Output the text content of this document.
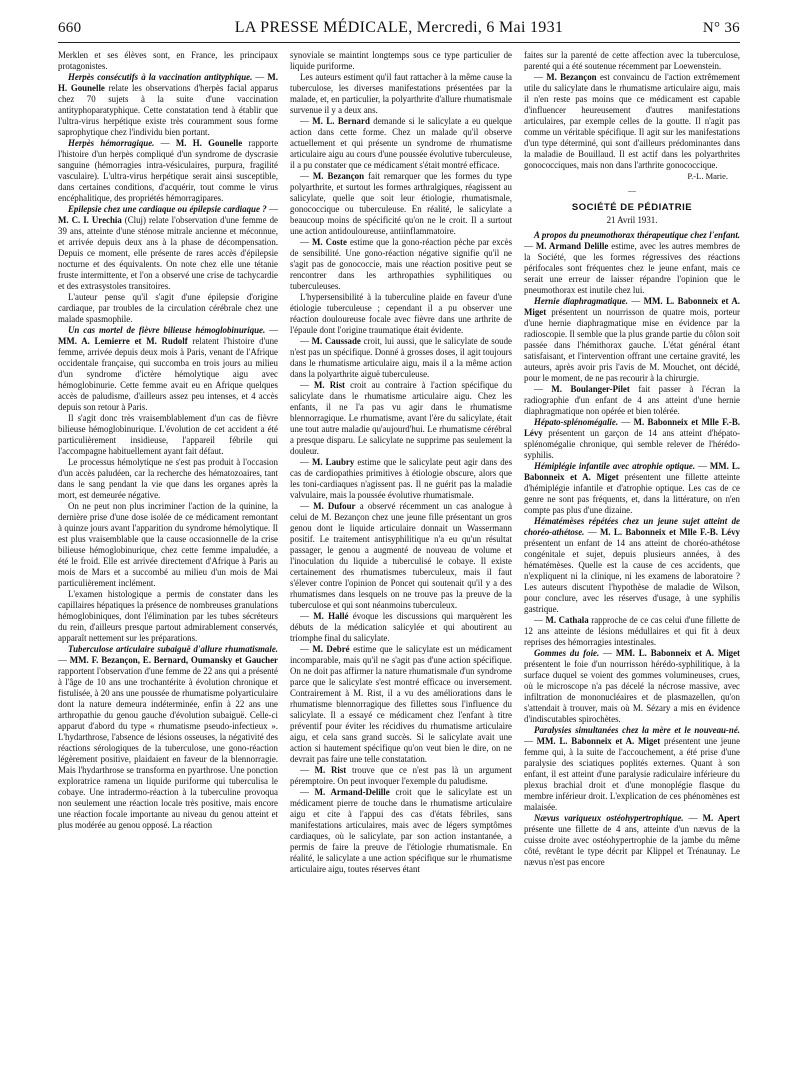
660	LA PRESSE MÉDICALE, Mercredi, 6 Mai 1931	N° 36

Merklen et ses élèves sont, en France, les principaux protagonistes.

Herpès consécutifs à la vaccination antityphique. — M. H. Gounelle relate les observations d'herpès facial apparus chez 70 sujets à la suite d'une vaccination antityphoparatyphique. Cette constatation tend à établir que l'ultra-virus herpétique existe très couramment sous forme saprophytique chez l'individu bien portant.

Herpès hémorragique. — M. H. Gounelle rapporte l'histoire d'un herpès compliqué d'un syndrome de dyscrasie sanguine (hémorragies intra-vésiculaires, purpura, fragilité vasculaire). L'ultra-virus herpétique serait ainsi susceptible, dans certaines conditions, d'acquérir, tout comme le virus encéphalitique, des propriétés hémorragipares.

Epilepsie chez une cardiaque ou épilepsie cardiaque ? — M. C. I. Urechia (Cluj) relate l'observation d'une femme de 39 ans, atteinte d'une sténose mitrale ancienne et méconnue, et arrivée depuis deux ans à la phase de décompensation. Depuis ce moment, elle présente de rares accès d'épilepsie nocturne et des équivalents. On note chez elle une tétanie fruste intermittente, et l'on a observé une crise de tachycardie et des extrasystoles transitoires.

L'auteur pense qu'il s'agit d'une épilepsie d'origine cardiaque, par troubles de la circulation cérébrale chez une malade spasmophile.

Un cas mortel de fièvre bilieuse hémoglobinurique. — MM. A. Lemierre et M. Rudolf relatent l'histoire d'une femme, arrivée depuis deux mois à Paris, venant de l'Afrique occidentale française, qui succomba en trois jours au milieu d'un syndrome d'ictère hémolytique aigu avec hémoglobinurie. Cette femme avait eu en Afrique quelques accès de paludisme, d'ailleurs assez peu intenses, et 4 accès depuis son retour à Paris.

Il s'agit donc très vraisemblablement d'un cas de fièvre bilieuse hémoglobinurique. L'évolution de cet accident a été particulièrement insidieuse, l'appareil fébrile qui l'accompagne habituellement ayant fait défaut.

Le processus hémolytique ne s'est pas produit à l'occasion d'un accès paludéen, car la recherche des hématozoaires, tant dans le sang pendant la vie que dans les organes après la mort, est demeurée négative.

On ne peut non plus incriminer l'action de la quinine, la dernière prise d'une dose isolée de ce médicament remontant à quinze jours avant l'apparition du syndrome hémolytique. Il est plus vraisemblable que la cause occasionnelle de la crise bilieuse hémoglobinurique, chez cette femme impaludée, a été le froid. Elle est arrivée directement d'Afrique à Paris au mois de Mars et a succombé au milieu d'un mois de Mai particulièrement inclément.

L'examen histologique a permis de constater dans les capillaires hépatiques la présence de nombreuses granulations hémoglobiniques, dont l'élimination par les tubes sécréteurs du rein, d'ailleurs presque partout admirablement conservés, apparaît nettement sur les préparations.

Tuberculose articulaire subaiguë d'allure rhumatismale. — MM. F. Bezançon, E. Bernard, Oumansky et Gaucher rapportent l'observation d'une femme de 22 ans qui a présenté à l'âge de 10 ans une trochantérite à évolution chronique et fistulisée, à 20 ans une poussée de rhumatisme polyarticulaire dont la nature demeura indéterminée, enfin à 22 ans une arthropathie du genou gauche d'évolution subaiguë. Celle-ci apparut d'abord du type « rhumatisme pseudo-infectieux ». L'hydarthrose, l'absence de lésions osseuses, la négativité des réactions sérologiques de la tuberculose, une gono-réaction légèrement positive, plaidaient en faveur de la blennorragie. Mais l'hydarthrose se transforma en pyarthrose. Une ponction exploratrice ramena un liquide puriforme qui tuberculisa le cobaye. Une intradermo-réaction à la tuberculine provoqua non seulement une réaction locale très positive, mais encore une réaction focale importante au niveau du genou atteint et plus modérée au genou opposé. La réaction

synoviale se maintint longtemps sous ce type particulier de liquide puriforme.

Les auteurs estiment qu'il faut rattacher à la même cause la tuberculose, les diverses manifestations présentées par la malade, et, en particulier, la polyarthrite d'allure rhumatismale survenue il y a deux ans.

— M. L. Bernard demande si le salicylate a eu quelque action dans cette forme. Chez un malade qu'il observe actuellement et qui présente un syndrome de rhumatisme articulaire aigu au cours d'une poussée évolutive tuberculeuse, il a pu constater que ce médicament s'était montré efficace.

— M. Bezançon fait remarquer que les formes du type polyarthrite, et surtout les formes arthralgiques, réagissent au salicylate, quelle que soit leur étiologie, rhumatismale, gonococcique ou tuberculeuse. En réalité, le salicylate a beaucoup moins de spécificité qu'on ne le croit. Il a surtout une action antidouloureuse, antiinflammatoire.

— M. Coste estime que la gono-réaction pèche par excès de sensibilité. Une gono-réaction négative signifie qu'il ne s'agit pas de gonococcie, mais une réaction positive peut se rencontrer dans les arthropathies syphilitiques ou tuberculeuses.

L'hypersensibilité à la tuberculine plaide en faveur d'une étiologie tuberculeuse ; cependant il a pu observer une réaction douloureuse focale avec fièvre dans une arthrite de l'épaule dont l'origine traumatique était évidente.

— M. Caussade croit, lui aussi, que le salicylate de soude n'est pas un spécifique. Donné à grosses doses, il agit toujours dans le rhumatisme articulaire aigu, mais il a la même action dans la polyarthrite aiguë tuberculeuse.

— M. Rist croit au contraire à l'action spécifique du salicylate dans le rhumatisme articulaire aigu. Chez les enfants, il ne l'a pas vu agir dans le rhumatisme blennorragique. Le rhumatisme, avant l'ère du salicylate, était une tout autre maladie qu'aujourd'hui. Le rhumatisme cérébral a presque disparu. Le salicylate ne supprime pas seulement la douleur.

— M. Laubry estime que le salicylate peut agir dans des cas de cardiopathies primitives à étiologie obscure, alors que les toni-cardiaques n'agissent pas. Il ne guérit pas la maladie valvulaire, mais la poussée évolutive rhumatismale.

— M. Dufour a observé récemment un cas analogue à celui de M. Bezançon chez une jeune fille présentant un gros genou dont le liquide articulaire donnait un Wassermann positif. Le traitement antisyphilitique n'a eu qu'un résultat passager, le genou a augmenté de nouveau de volume et l'inoculation du liquide a tuberculisé le cobaye. Il existe certainement des rhumatismes tuberculeux, mais il faut s'élever contre l'opinion de Poncet qui soutenait qu'il y a des rhumatismes dans lesquels on ne trouve pas la preuve de la tuberculose et qui sont néanmoins tuberculeux.

— M. Hallé évoque les discussions qui marquèrent les débuts de la médication salicylée et qui aboutirent au triomphe final du salicylate.

— M. Debré estime que le salicylate est un médicament incomparable, mais qu'il ne s'agit pas d'une action spécifique. On ne doit pas affirmer la nature rhumatismale d'un syndrome parce que le salicylate s'est montré efficace ou inversement. Contrairement à M. Rist, il a vu des améliorations dans le rhumatisme blennorragique des fillettes sous l'influence du salicylate. Il a essayé ce médicament chez l'enfant à titre préventif pour éviter les récidives du rhumatisme articulaire aigu, et cela sans grand succès. Si le salicylate avait une action si hautement spécifique qu'on veut bien le dire, on ne devrait pas faire une telle constatation.

— M. Rist trouve que ce n'est pas là un argument péremptoire. On peut invoquer l'exemple du paludisme.

— M. Armand-Delille croit que le salicylate est un médicament pierre de touche dans le rhumatisme articulaire aigu et cite à l'appui des cas d'états fébriles, sans manifestations articulaires, mais avec de légers symptômes cardiaques, où le salicylate, par son action instantanée, a permis de faire la preuve de l'étiologie rhumatismale. En réalité, le salicylate a une action spécifique sur le rhumatisme articulaire aigu, toutes réserves étant

faites sur la parenté de cette affection avec la tuberculose, parenté qui a été soutenue récemment par Loewenstein.

— M. Bezançon est convaincu de l'action extrêmement utile du salicylate dans le rhumatisme articulaire aigu, mais il n'en reste pas moins que ce médicament est capable d'influencer heureusement d'autres manifestations articulaires, par exemple celles de la goutte. Il n'agit pas comme un véritable spécifique. Il agit sur les manifestations d'un type déterminé, qui sont d'ailleurs prédominantes dans la maladie de Bouillaud. Il est actif dans les polyarthrites gonococciques, mais non dans l'arthrite gonococcique.

P.-L. Marie.
—
SOCIÉTÉ DE PÉDIATRIE
21 Avril 1931.

A propos du pneumothorax thérapeutique chez l'enfant. — M. Armand Delille estime, avec les autres membres de la Société, que les formes régressives des réactions périfocales sont fréquentes chez le jeune enfant, mais ce serait une erreur de laisser répandre l'opinion que le pneumothorax est inutile chez lui.

Hernie diaphragmatique. — MM. L. Babonneix et A. Miget présentent un nourrisson de quatre mois, porteur d'une hernie diaphragmatique mise en évidence par la radioscopie. Il semble que la plus grande partie du côlon soit passée dans l'hémithorax gauche. L'état général étant satisfaisant, et l'intervention offrant une certaine gravité, les auteurs, après avoir pris l'avis de M. Mouchet, ont décidé, pour le moment, de ne pas recourir à la chirurgie.

— M. Boulanger-Pilet fait passer à l'écran la radiographie d'un enfant de 4 ans atteint d'une hernie diaphragmatique non opérée et bien tolérée.

Hépato-splénomégalie. — M. Babonneix et Mlle F.-B. Lévy présentent un garçon de 14 ans atteint d'hépato-splénomégalie chronique, qui semble relever de l'hérédo-syphilis.

Hémiplégie infantile avec atrophie optique. — MM. L. Babonneix et A. Miget présentent une fillette atteinte d'hémiplégie infantile et d'atrophie optique. Les cas de ce genre ne sont pas fréquents, et, dans la littérature, on n'en compte pas plus d'une dizaine.

Hématémèses répétées chez un jeune sujet atteint de choréo-athétose. — M. L. Babonneix et Mlle F.-B. Lévy présentent un enfant de 14 ans atteint de choréo-athétose congénitale et sujet, depuis plusieurs années, à des hématémèses. Quelle est la cause de ces accidents, que n'expliquent ni la clinique, ni les examens de laboratoire ? Les auteurs discutent l'hypothèse de maladie de Wilson, pour conclure, avec les réserves d'usage, à une syphilis gastrique.

— M. Cathala rapproche de ce cas celui d'une fillette de 12 ans atteinte de lésions médullaires et qui fit à deux reprises des hémorragies intestinales.

Gommes du foie. — MM. L. Babonneix et A. Miget présentent le foie d'un nourrisson hérédo-syphilitique, à la surface duquel se voient des gommes volumineuses, crues, où le microscope n'a pas décelé la nécrose massive, avec infiltration de mononucléaires et de plasmazellen, qu'on s'attendait à trouver, mais où M. Sézary a mis en évidence d'indiscutables spirochètes.

Paralysies simultanées chez la mère et le nouveau-né. — MM. L. Babonneix et A. Miget présentent une jeune femme qui, à la suite de l'accouchement, a été prise d'une paralysie des sciatiques poplités externes. Quant à son enfant, il est atteint d'une paralysie radiculaire inférieure du plexus brachial droit et d'une monoplégie flasque du membre inférieur droit. L'explication de ces phénomènes est malaisée.

Nævus variqueux ostéohypertrophique. — M. Apert présente une fillette de 4 ans, atteinte d'un nævus de la cuisse droite avec ostéohypertrophie de la jambe du même côté, revêtant le type décrit par Klippel et Trénaunay. Le nævus n'est pas encore
